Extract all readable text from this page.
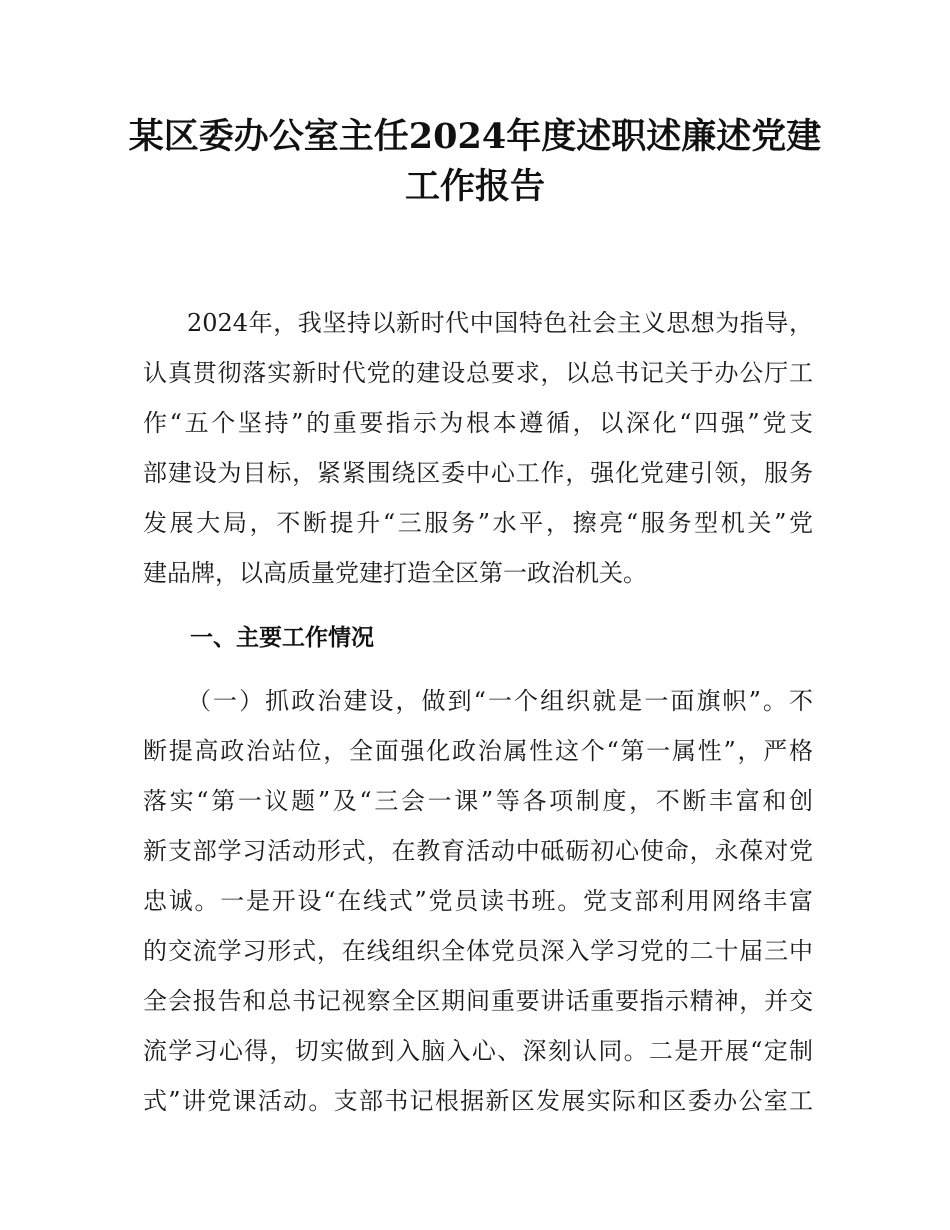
某区委办公室主任2024年度述职述廉述党建
工作报告
2024年，我坚持以新时代中国特色社会主义思想为指导，
认真贯彻落实新时代党的建设总要求，以总书记关于办公厅工
作“五个坚持”的重要指示为根本遵循，以深化“四强”党支
部建设为目标，紧紧围绕区委中心工作，强化党建引领，服务
发展大局，不断提升“三服务”水平，擦亮“服务型机关”党
建品牌，以高质量党建打造全区第一政治机关。
一、主要工作情况
（一）抓政治建设，做到“一个组织就是一面旗帜”。不
断提高政治站位，全面强化政治属性这个“第一属性”，严格
落实“第一议题”及“三会一课”等各项制度，不断丰富和创
新支部学习活动形式，在教育活动中砥砺初心使命，永葆对党
忠诚。一是开设“在线式”党员读书班。党支部利用网络丰富
的交流学习形式，在线组织全体党员深入学习党的二十届三中
全会报告和总书记视察全区期间重要讲话重要指示精神，并交
流学习心得，切实做到入脑入心、深刻认同。二是开展“定制
式”讲党课活动。支部书记根据新区发展实际和区委办公室工
